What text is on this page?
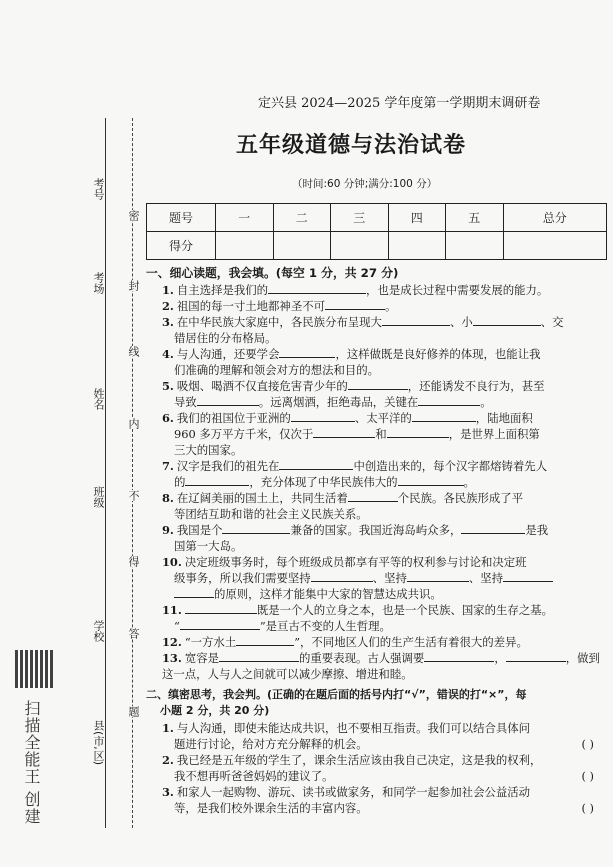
考号
考场
姓名
班级
学校
县(市,区)
密
封
线
内
不
得
答
题
扫描全能王 创建
定兴县 2024—2025 学年度第一学期期末调研卷
五年级道德与法治试卷
（时间:60 分钟;满分:100 分）
题号	一	二	三	四	五	总分
得分						
一、细心读题，我会填。(每空 1 分，共 27 分)
1. 自主选择是我们的	，也是成长过程中需要发展的能力。
2. 祖国的每一寸土地都神圣不可	。
3. 在中华民族大家庭中，各民族分布呈现大	、小	、交
错居住的分布格局。
4. 与人沟通，还要学会	，这样做既是良好修养的体现，也能让我
们准确的理解和领会对方的想法和目的。
5. 吸烟、喝酒不仅直接危害青少年的	，还能诱发不良行为，甚至
导致	。远离烟酒，拒绝毒品，关键在	。
6. 我们的祖国位于亚洲的	、太平洋的	，陆地面积
960 多万平方千米，仅次于	和	，是世界上面积第
三大的国家。
7. 汉字是我们的祖先在	中创造出来的，每个汉字都熔铸着先人
的	，充分体现了中华民族伟大的	。
8. 在辽阔美丽的国土上，共同生活着	个民族。各民族形成了平
等团结互助和谐的社会主义民族关系。
9. 我国是个	兼备的国家。我国近海岛屿众多，	是我
国第一大岛。
10. 决定班级事务时，每个班级成员都享有平等的权利参与讨论和决定班
级事务，所以我们需要坚持	、坚持	、坚持
的原则，这样才能集中大家的智慧达成共识。
11.	既是一个人的立身之本，也是一个民族、国家的生存之基。
“	”是亘古不变的人生哲理。
12. “一方水土	”，不同地区人们的生产生活有着很大的差异。
13. 宽容是	的重要表现。古人强调要	，	，做到这一点，人与人之间就可以减少摩擦、增进和睦。
二、缜密思考，我会判。(正确的在题后面的括号内打“√”，错误的打“×”，每
小题 2 分，共 20 分)
1. 与人沟通，即使未能达成共识，也不要相互指责。我们可以结合具体问
题进行讨论，给对方充分解释的机会。	( )
2. 我已经是五年级的学生了，课余生活应该由我自己决定，这是我的权利，
我不想再听爸爸妈妈的建议了。	( )
3. 和家人一起购物、游玩、读书或做家务，和同学一起参加社会公益活动
等，是我们校外课余生活的丰富内容。	( )
